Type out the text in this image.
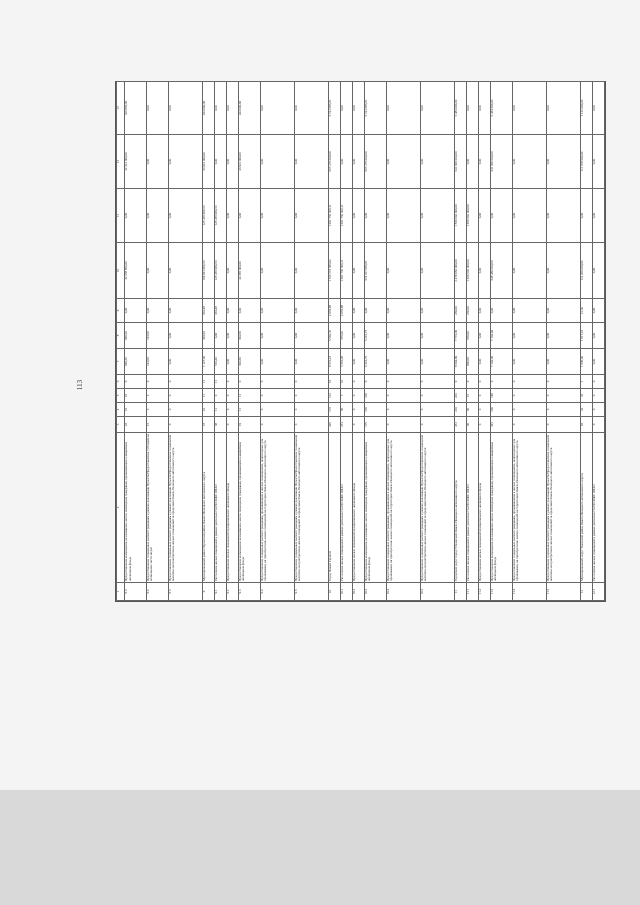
113
1	2	3	4	5	6	7	8	9	10	11	12	13
8.3	Предоставление возмещения за изымаемое жилое помещение гражданам, проживающим в аварийном жилищном фонде	43	19	19	0	848,30	848,30	0,00	32 658 866,00	0,00	32 312 000,00	326 866,00
8.4	Предоставление социальных выплат гражданам в рамках реализации Проекта/Предоставление субсидий на возмещение части затрат	15	5	5	0	143,00	143,00	0,00	0,00	0,00	0,00	0,00
8.5	Предоставление социальных выплат гражданам в рамках реализации Проекта/Предоставление социальной выплаты на приобретение жилых помещений за пределами Ямало-Ненецкого автономного округа	0	0	0	0	0,00	0,00	0,00	0,00	0,00	0,00	0,00
9	Муниципальный район Пуровский район Ямало-Ненецкого автономного округа	57	22	11	11	1 127,50	394,50	333,48	169 841 984,53	125 455 984,53	43 941 000,00	444 000,00
9.1	Расселение жилых помещений в рамках деятельности НО ФЖС ЯНАО	38	11	0	11	533,40	0,00	333,48	125 455 984,53	125 455 984,53	0,00	0,00
9.2	Предоставление жилых помещений муниципального жилищного фонда	0	0	0	0	0,00	0,00	0,00	0,00	0,00	0,00	0,00
9.3	Предоставление возмещения за изымаемое жилое помещение гражданам, проживающим в аварийном жилищном фонде	19	11	11	0	394,50	394,50	0,00	44 385 000,00	0,00	43 941 000,00	444 000,00
9.4	Предоставление социальных выплат гражданам, проживающим в жилых помещениях, непригодных для проживания, на приобретение жилых помещений на территории Ямало-Ненецкого автономного округа	0	0	0	0	0,00	0,00	0,00	0,00	0,00	0,00	0,00
9.5	Предоставление социальных выплат гражданам в рамках реализации Проекта/Предоставление социальной выплаты на приобретение жилых помещений за пределами Ямало-Ненецкого автономного округа	0	0	0	0	0,00	0,00	0,00	0,00	0,00	0,00	0,00
10	Город Новый Уренгой	426	173	112	61	8 572,23	5 592,35	2 979,88	1 725 773 386,92	1 061 756 300,11	667 276 000,00	6 741 086,81
10.1	Расселение жилых помещений в рамках деятельности НО ФЖС ЯНАО	251	68	7	61	3 355,48	375,60	2 979,88	1 061 756 300,11	1 061 756 300,11	0,00	0,00
10.2	Предоставление жилых помещений муниципального жилищного фонда	0	0	0	0	0,00	0,00	0,00	0,00	0,00	0,00	0,00
10.3	Предоставление возмещения за изымаемое жилое помещение гражданам, проживающим в аварийном жилищном фонде	175	105	105	0	5 216,75	5 216,75	0,00	674 017 086,81	0,00	667 276 000,00	6 741 086,81
10.4	Предоставление социальных выплат гражданам, проживающим в жилых помещениях, непригодных для проживания, на приобретение жилых помещений на территории Ямало-Ненецкого автономного округа	0	0	0	0	0,00	0,00	0,00	0,00	0,00	0,00	0,00
10.5	Предоставление социальных выплат гражданам в рамках реализации Проекта/Предоставление социальной выплаты на приобретение жилых помещений за пределами Ямало-Ненецкого автономного округа	0	0	0	0	0,00	0,00	0,00	0,00	0,00	0,00	0,00
11	Городской округ город Губкинский Ямало-Ненецкого автономного округа	451	210	201	9	8 004,09	7 774,09	230,00	2 479 082 000,00	1 830 602 000,00	641 996 000,00	6 484 000,00
11.1	Расселение жилых помещений в рамках деятельности НО ФЖС ЯНАО	60	30	21	9	900,00	670,00	230,00	1 830 602 000,00	1 830 602 000,00	0,00	0,00
11.2	Предоставление жилых помещений муниципального жилищного фонда	0	0	0	0	0,00	0,00	0,00	0,00	0,00	0,00	0,00
11.3	Предоставление возмещения за изымаемое жилое помещение гражданам, проживающим в аварийном жилищном фонде	391	180	180	0	7 104,09	7 104,09	0,00	648 480 000,00	0,00	641 996 000,00	6 484 000,00
11.4	Предоставление социальных выплат гражданам, проживающим в жилых помещениях, непригодных для проживания, на приобретение жилых помещений на территории Ямало-Ненецкого автономного округа	0	0	0	0	0,00	0,00	0,00	0,00	0,00	0,00	0,00
11.5	Предоставление социальных выплат гражданам в рамках реализации Проекта/Предоставление социальной выплаты на приобретение жилых помещений за пределами Ямало-Ненецкого автономного округа	0	0	0	0	0,00	0,00	0,00	0,00	0,00	0,00	0,00
12	Муниципальный округ Тазовский район Ямало-Ненецкого автономного округа	83	34	33	1	1 838,60	1 817,10	21,50	112 200 000,00	0,00	111 078 000,00	1 122 000,00
12.1	Расселение жилых помещений в рамках деятельности НО ФЖС ЯНАО	0	0	0	0	0,00	0,00	0,00	0,00	0,00	0,00	0,00
